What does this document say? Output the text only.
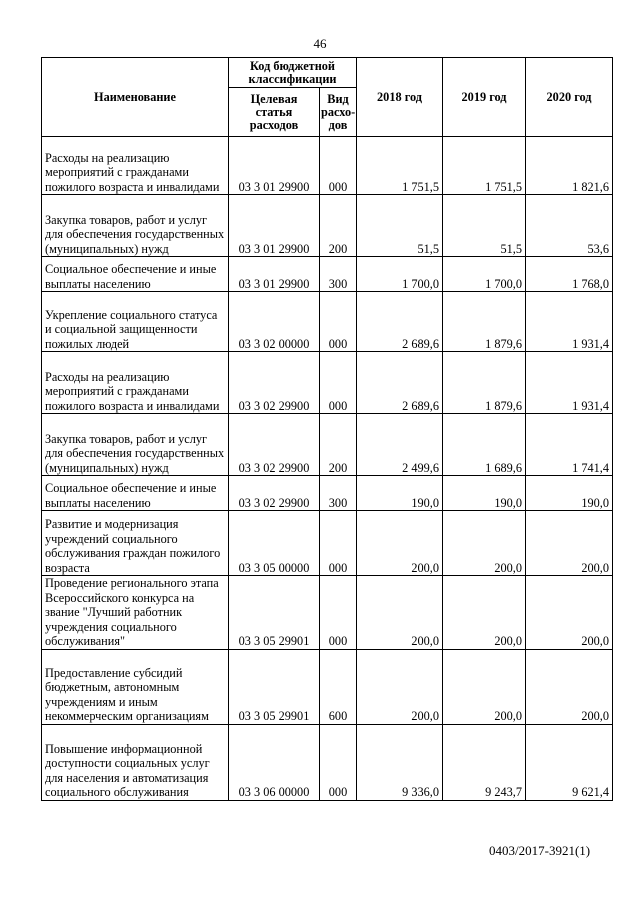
46
Наименование	Код бюджетной классификации		2018 год	2019 год	2020 год
	Целевая статья расходов	Вид расхо-дов			
Расходы на реализацию мероприятий с гражданами пожилого возраста и инвалидами	03 3 01 29900	000	1 751,5	1 751,5	1 821,6
Закупка товаров, работ и услуг для обеспечения государственных (муниципальных) нужд	03 3 01 29900	200	51,5	51,5	53,6
Социальное обеспечение и иные выплаты населению	03 3 01 29900	300	1 700,0	1 700,0	1 768,0
Укрепление социального статуса и социальной защищенности пожилых людей	03 3 02 00000	000	2 689,6	1 879,6	1 931,4
Расходы на реализацию мероприятий с гражданами пожилого возраста и инвалидами	03 3 02 29900	000	2 689,6	1 879,6	1 931,4
Закупка товаров, работ и услуг для обеспечения государственных (муниципальных) нужд	03 3 02 29900	200	2 499,6	1 689,6	1 741,4
Социальное обеспечение и иные выплаты населению	03 3 02 29900	300	190,0	190,0	190,0
Развитие и модернизация учреждений социального обслуживания граждан пожилого возраста	03 3 05 00000	000	200,0	200,0	200,0
Проведение регионального этапа Всероссийского конкурса на звание "Лучший работник учреждения социального обслуживания"	03 3 05 29901	000	200,0	200,0	200,0
Предоставление субсидий бюджетным, автономным учреждениям и иным некоммерческим организациям	03 3 05 29901	600	200,0	200,0	200,0
Повышение информационной доступности социальных услуг для населения и автоматизация социального обслуживания	03 3 06 00000	000	9 336,0	9 243,7	9 621,4
0403/2017-3921(1)
